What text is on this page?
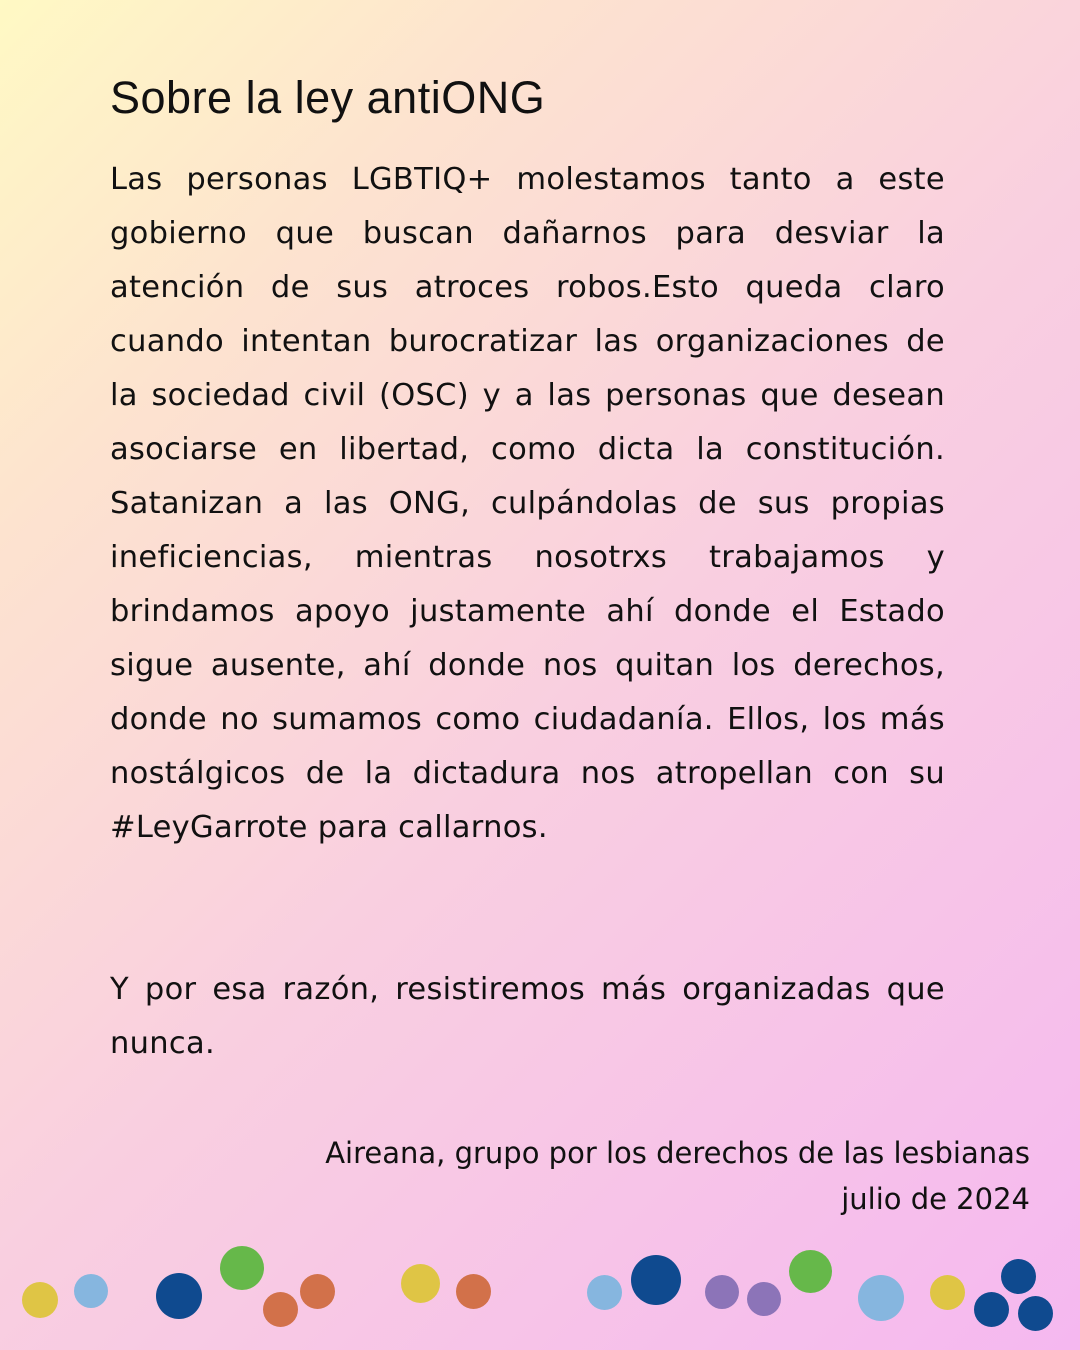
Sobre la ley antiONG

Las personas LGBTIQ+ molestamos tanto a este gobierno que buscan dañarnos para desviar la atención de sus atroces robos.Esto queda claro cuando intentan burocratizar las organizaciones de la sociedad civil (OSC) y a las personas que desean asociarse en libertad, como dicta la constitución. Satanizan a las ONG, culpándolas de sus propias ineficiencias, mientras nosotrxs trabajamos y brindamos apoyo justamente ahí donde el Estado sigue ausente, ahí donde nos quitan los derechos, donde no sumamos como ciudadanía. Ellos, los más nostálgicos de la dictadura nos atropellan con su #LeyGarrote para callarnos.

Y por esa razón, resistiremos más organizadas que nunca.

Aireana, grupo por los derechos de las lesbianas
julio de 2024
